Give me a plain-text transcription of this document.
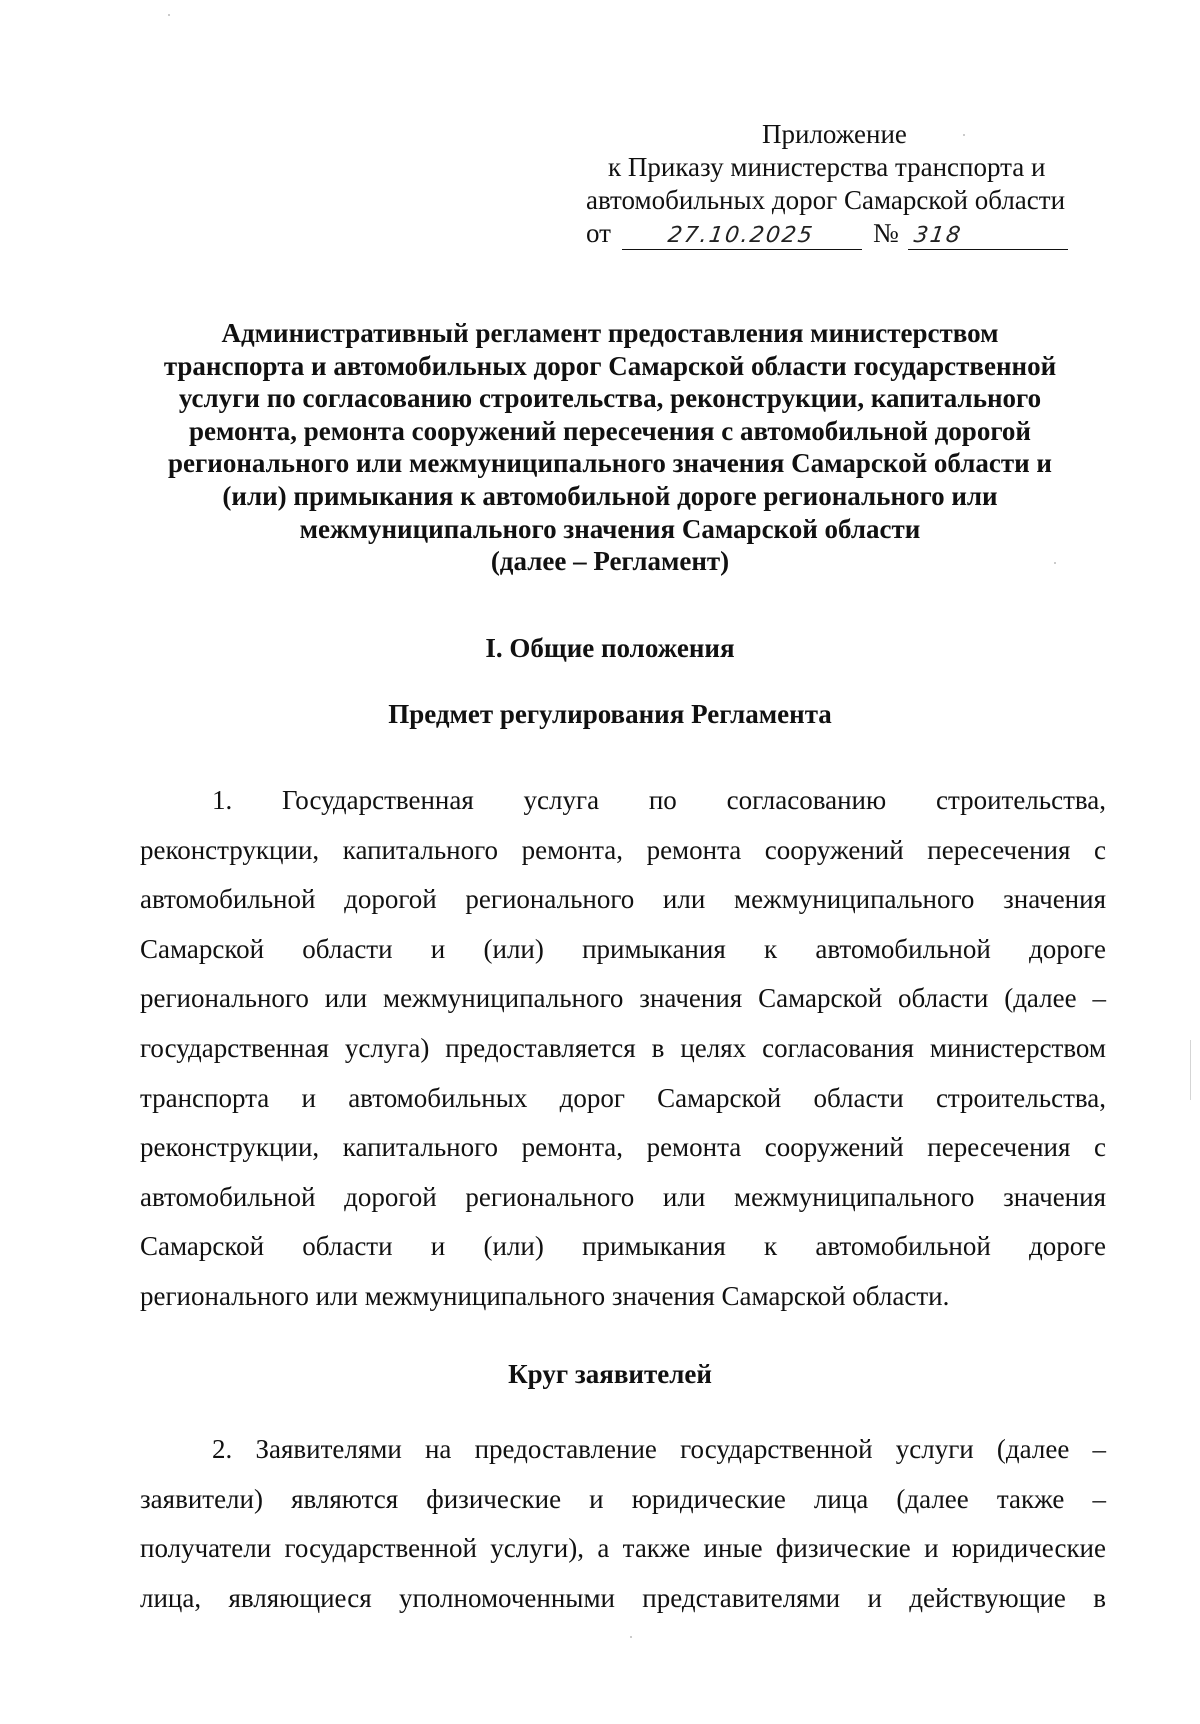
Приложение
к Приказу министерства транспорта и
автомобильных дорог Самарской области
от	27.10.2025 № 318
Административный регламент предоставления министерством
транспорта и автомобильных дорог Самарской области государственной
услуги по согласованию строительства, реконструкции, капитального
ремонта, ремонта сооружений пересечения с автомобильной дорогой
регионального или межмуниципального значения Самарской области и
(или) примыкания к автомобильной дороге регионального или
межмуниципального значения Самарской области
(далее – Регламент)
I. Общие положения
Предмет регулирования Регламента
1. Государственная услуга по согласованию строительства,
реконструкции, капитального ремонта, ремонта сооружений пересечения с
автомобильной дорогой регионального или межмуниципального значения
Самарской области и (или) примыкания к автомобильной дороге
регионального или межмуниципального значения Самарской области (далее –
государственная услуга) предоставляется в целях согласования министерством
транспорта и автомобильных дорог Самарской области строительства,
реконструкции, капитального ремонта, ремонта сооружений пересечения с
автомобильной дорогой регионального или межмуниципального значения
Самарской области и (или) примыкания к автомобильной дороге
регионального или межмуниципального значения Самарской области.
Круг заявителей
2. Заявителями на предоставление государственной услуги (далее –
заявители) являются физические и юридические лица (далее также –
получатели государственной услуги), а также иные физические и юридические
лица, являющиеся уполномоченными представителями и действующие в
